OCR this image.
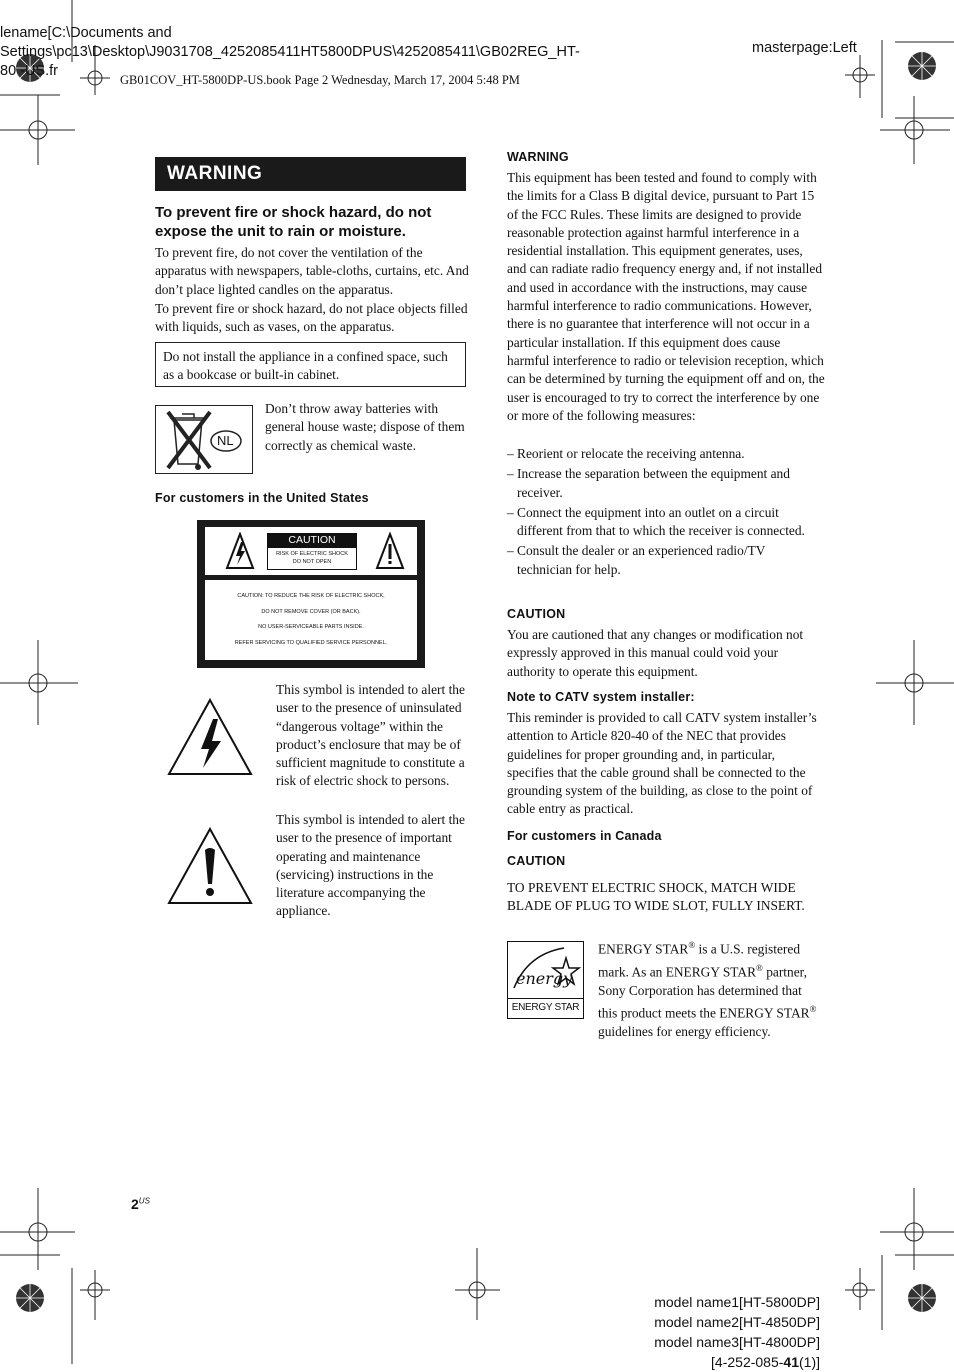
lename[C:\Documents and
Settings\pc13\Desktop\J9031708_4252085411HT5800DPUS\4252085411\GB02REG_HT-
80 -US.fr
masterpage:Left
GB01COV_HT-5800DP-US.book Page 2 Wednesday, March 17, 2004 5:48 PM
WARNING
To prevent fire or shock hazard, do not expose the unit to rain or moisture.
To prevent fire, do not cover the ventilation of the apparatus with newspapers, table-cloths, curtains, etc. And don’t place lighted candles on the apparatus.
To prevent fire or shock hazard, do not place objects filled with liquids, such as vases, on the apparatus.
Do not install the appliance in a confined space, such as a bookcase or built-in cabinet.
NL
Don’t throw away batteries with general house waste; dispose of them correctly as chemical waste.
For customers in the United States
CAUTION
RISK OF ELECTRIC SHOCK
DO NOT OPEN
CAUTION: TO REDUCE THE RISK OF ELECTRIC SHOCK,
DO NOT REMOVE COVER (OR BACK).
NO USER-SERVICEABLE PARTS INSIDE.
REFER SERVICING TO QUALIFIED SERVICE PERSONNEL.
This symbol is intended to alert the user to the presence of uninsulated “dangerous voltage” within the product’s enclosure that may be of sufficient magnitude to constitute a risk of electric shock to persons.
This symbol is intended to alert the user to the presence of important operating and maintenance (servicing) instructions in the literature accompanying the appliance.
WARNING
This equipment has been tested and found to comply with the limits for a Class B digital device, pursuant to Part 15 of the FCC Rules. These limits are designed to provide reasonable protection against harmful interference in a residential installation. This equipment generates, uses, and can radiate radio frequency energy and, if not installed and used in accordance with the instructions, may cause harmful interference to radio communications. However, there is no guarantee that interference will not occur in a particular installation. If this equipment does cause harmful interference to radio or television reception, which can be determined by turning the equipment off and on, the user is encouraged to try to correct the interference by one or more of the following measures:
– Reorient or relocate the receiving antenna.
– Increase the separation between the equipment and receiver.
– Connect the equipment into an outlet on a circuit different from that to which the receiver is connected.
– Consult the dealer or an experienced radio/TV technician for help.
CAUTION
You are cautioned that any changes or modification not expressly approved in this manual could void your authority to operate this equipment.
Note to CATV system installer:
This reminder is provided to call CATV system installer’s attention to Article 820-40 of the NEC that provides guidelines for proper grounding and, in particular, specifies that the cable ground shall be connected to the grounding system of the building, as close to the point of cable entry as practical.
For customers in Canada
CAUTION
TO PREVENT ELECTRIC SHOCK, MATCH WIDE BLADE OF PLUG TO WIDE SLOT, FULLY INSERT.
energy
ENERGY STAR
ENERGY STAR® is a U.S. registered mark. As an ENERGY STAR® partner, Sony Corporation has determined that this product meets the ENERGY STAR® guidelines for energy efficiency.
$2^{US}$
model name1[HT-5800DP]
model name2[HT-4850DP]
model name3[HT-4800DP]
[4-252-085-41(1)]
